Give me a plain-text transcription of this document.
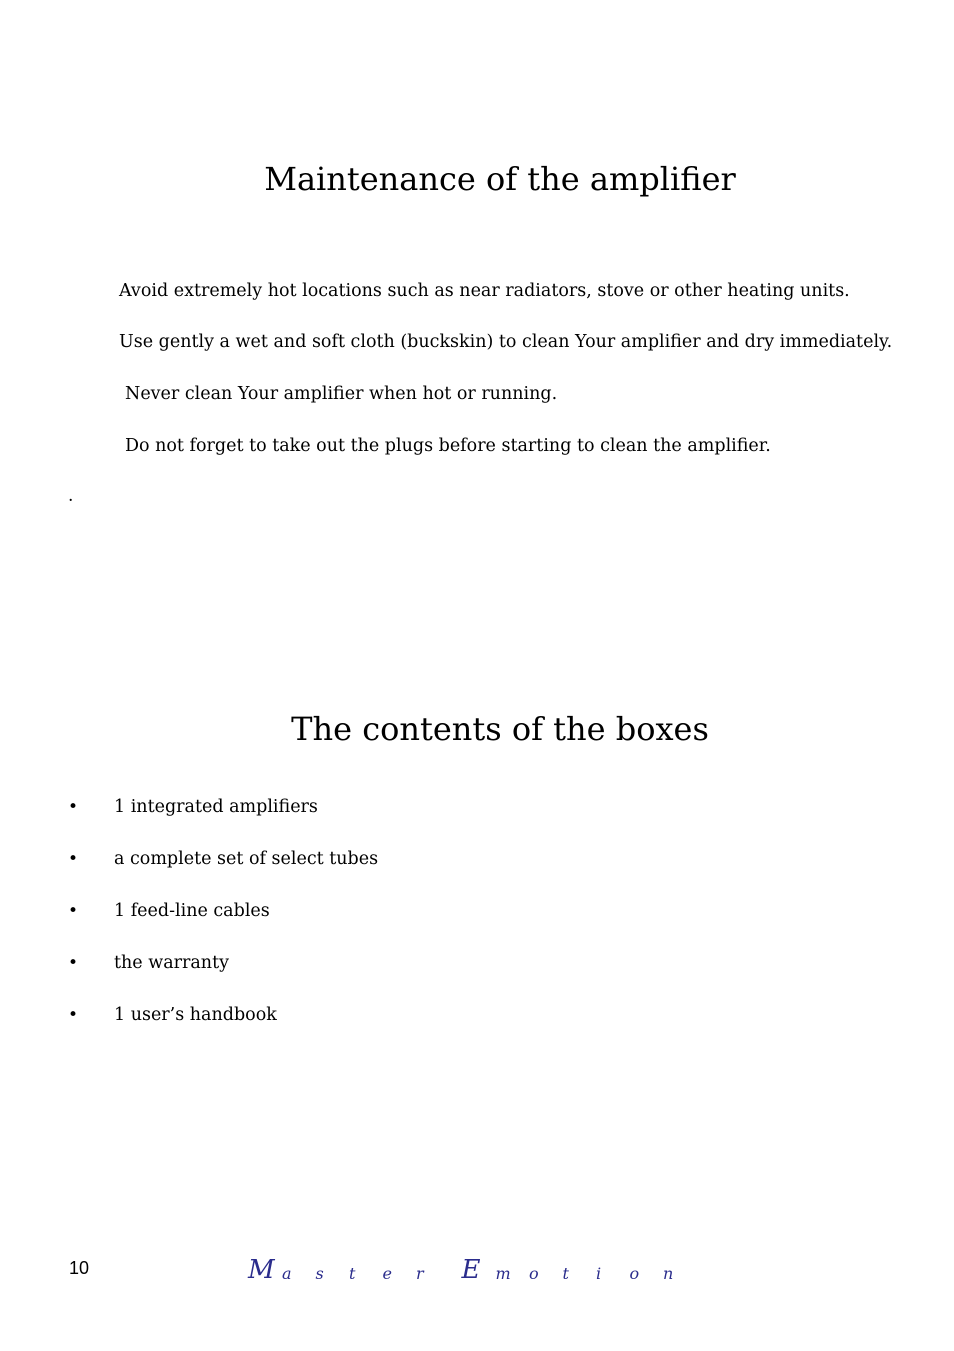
Maintenance of the amplifier

Avoid extremely hot locations such as near radiators, stove or other heating units.

Use gently a wet and soft cloth (buckskin) to clean Your amplifier and dry immediately.

Never clean Your amplifier when hot or running.

Do not forget to take out the plugs before starting to clean the amplifier.

.
The contents of the boxes
• 1 integrated amplifiers
• a complete set of select tubes
• 1 feed-line cables
• the warranty
• 1 user’s handbook
10	M a s t e r E m o t i o n
